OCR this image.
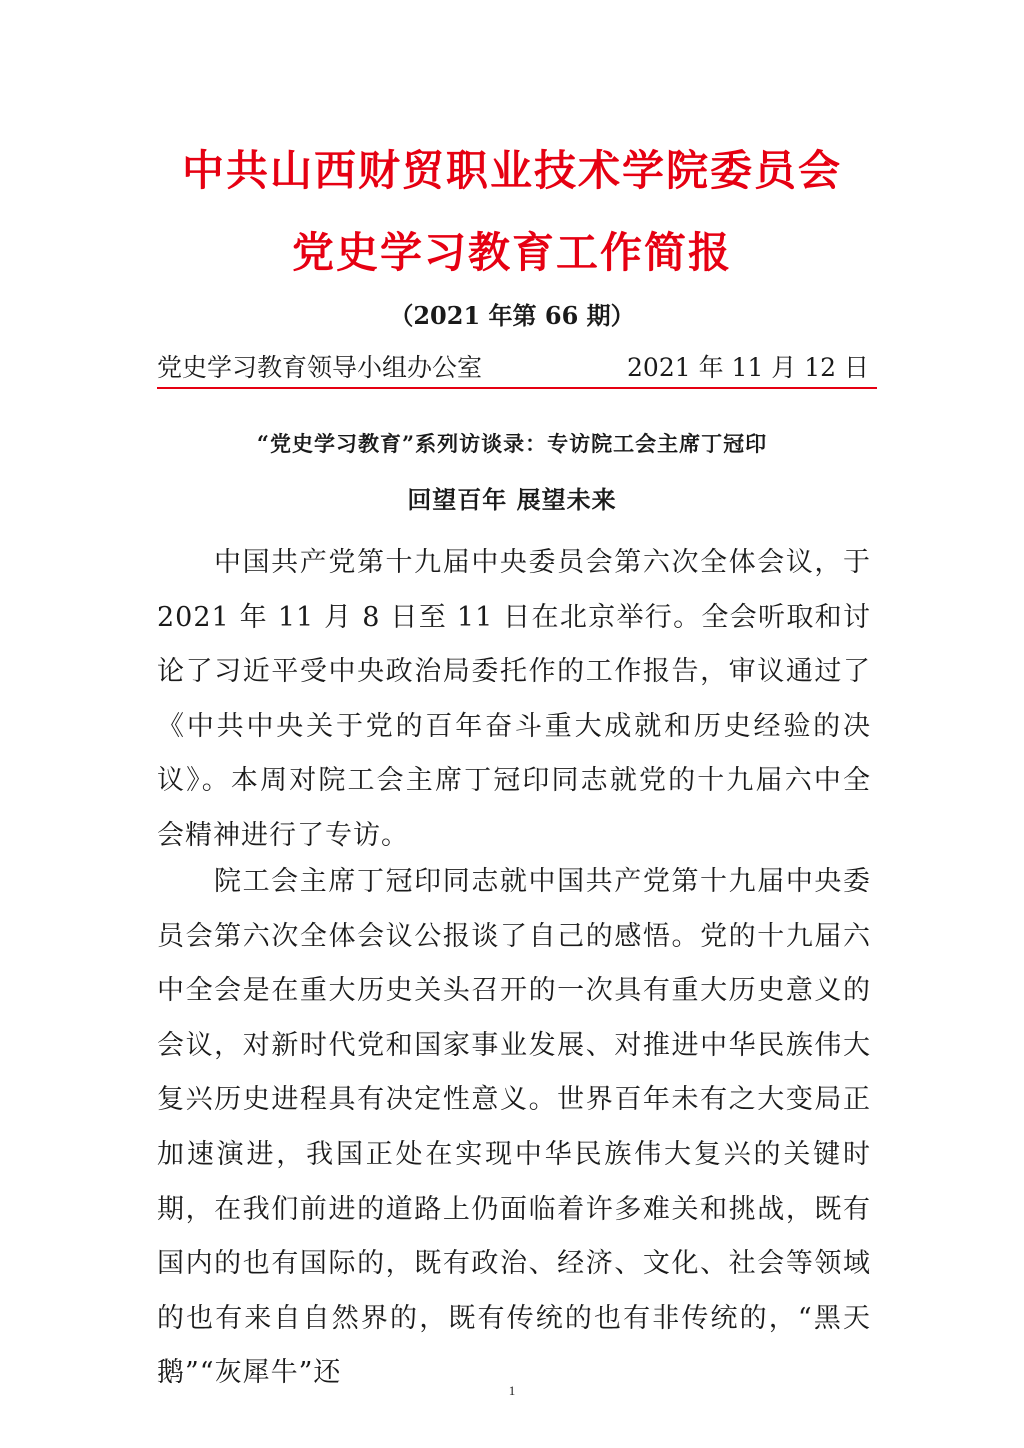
中共山西财贸职业技术学院委员会
党史学习教育工作简报
（2021 年第 66 期）
党史学习教育领导小组办公室	2021 年 11 月 12 日
“党史学习教育”系列访谈录：专访院工会主席丁冠印
回望百年 展望未来
中国共产党第十九届中央委员会第六次全体会议，于 2021 年 11 月 8 日至 11 日在北京举行。全会听取和讨论了习近平受中央政治局委托作的工作报告，审议通过了《中共中央关于党的百年奋斗重大成就和历史经验的决议》。本周对院工会主席丁冠印同志就党的十九届六中全会精神进行了专访。
院工会主席丁冠印同志就中国共产党第十九届中央委员会第六次全体会议公报谈了自己的感悟。党的十九届六中全会是在重大历史关头召开的一次具有重大历史意义的会议，对新时代党和国家事业发展、对推进中华民族伟大复兴历史进程具有决定性意义。世界百年未有之大变局正加速演进，我国正处在实现中华民族伟大复兴的关键时期，在我们前进的道路上仍面临着许多难关和挑战，既有国内的也有国际的，既有政治、经济、文化、社会等领域的也有来自自然界的，既有传统的也有非传统的，“黑天鹅”“灰犀牛”还
1
